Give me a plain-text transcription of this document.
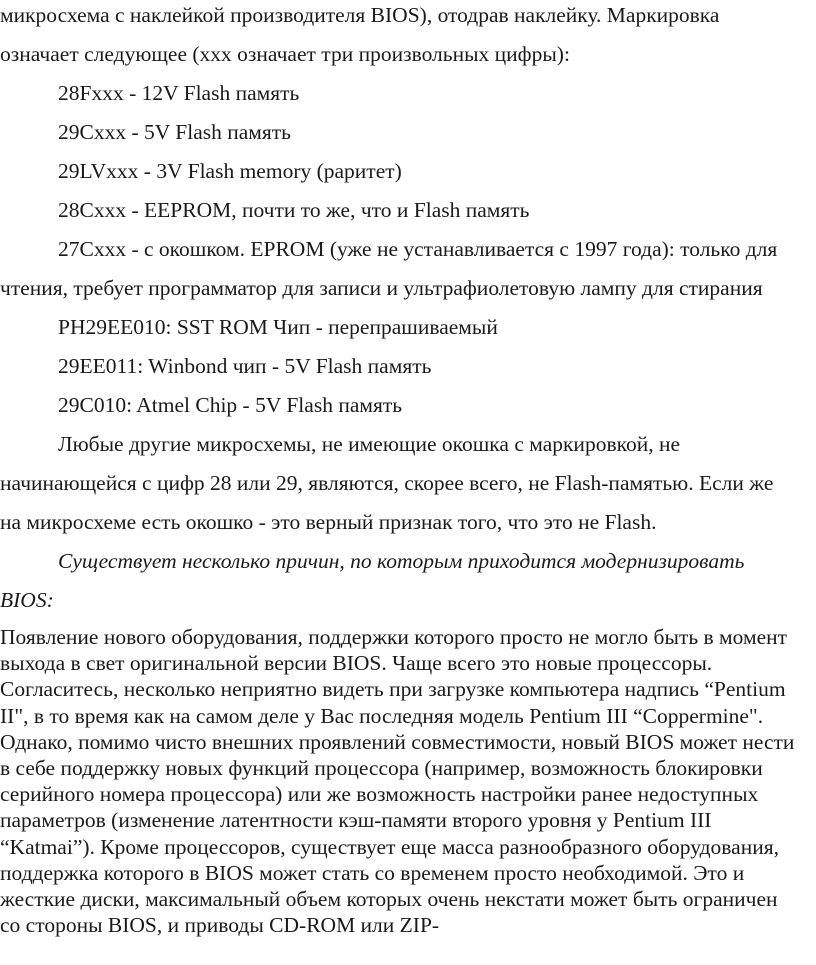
микросхема с наклейкой производителя BIOS), отодрав наклейку. Маркировка

означает следующее (ххх означает три произвольных цифры):

28Fxxx - 12V Flash память

29Cxxx - 5V Flash память

29LVxxx - 3V Flash memory (раритет)

28Cxxx - EEPROM, почти то же, что и Flash память

27Cxxx - с окошком. EPROM (уже не устанавливается с 1997 года): только для

чтения, требует программатор для записи и ультрафиолетовую лампу для стирания

PH29EE010: SST ROM Чип - перепрашиваемый

29EE011: Winbond чип - 5V Flash память

29C010: Atmel Chip - 5V Flash память

Любые другие микросхемы, не имеющие окошка с маркировкой, не

начинающейся с цифр 28 или 29, являются, скорее всего, не Flash-памятью. Если же

на микросхеме есть окошко - это верный признак того, что это не Flash.

Существует несколько причин, по которым приходится модернизировать

BIOS:

Появление нового оборудования, поддержки которого просто не могло быть в момент выхода в свет оригинальной версии BIOS. Чаще всего это новые процессоры. Согласитесь, несколько неприятно видеть при загрузке компьютера надпись “Pentium II", в то время как на самом деле у Вас последняя модель Pentium III “Coppermine". Однако, помимо чисто внешних проявлений совместимости, новый BIOS может нести в себе поддержку новых функций процессора (например, возможность блокировки серийного номера процессора) или же возможность настройки ранее недоступных параметров (изменение латентности кэш-памяти второго уровня у Pentium III “Katmai”). Кроме процессоров, существует еще масса разнообразного оборудования, поддержка которого в BIOS может стать со временем просто необходимой. Это и жесткие диски, максимальный объем которых очень некстати может быть ограничен со стороны BIOS, и приводы CD-ROM или ZIP-
